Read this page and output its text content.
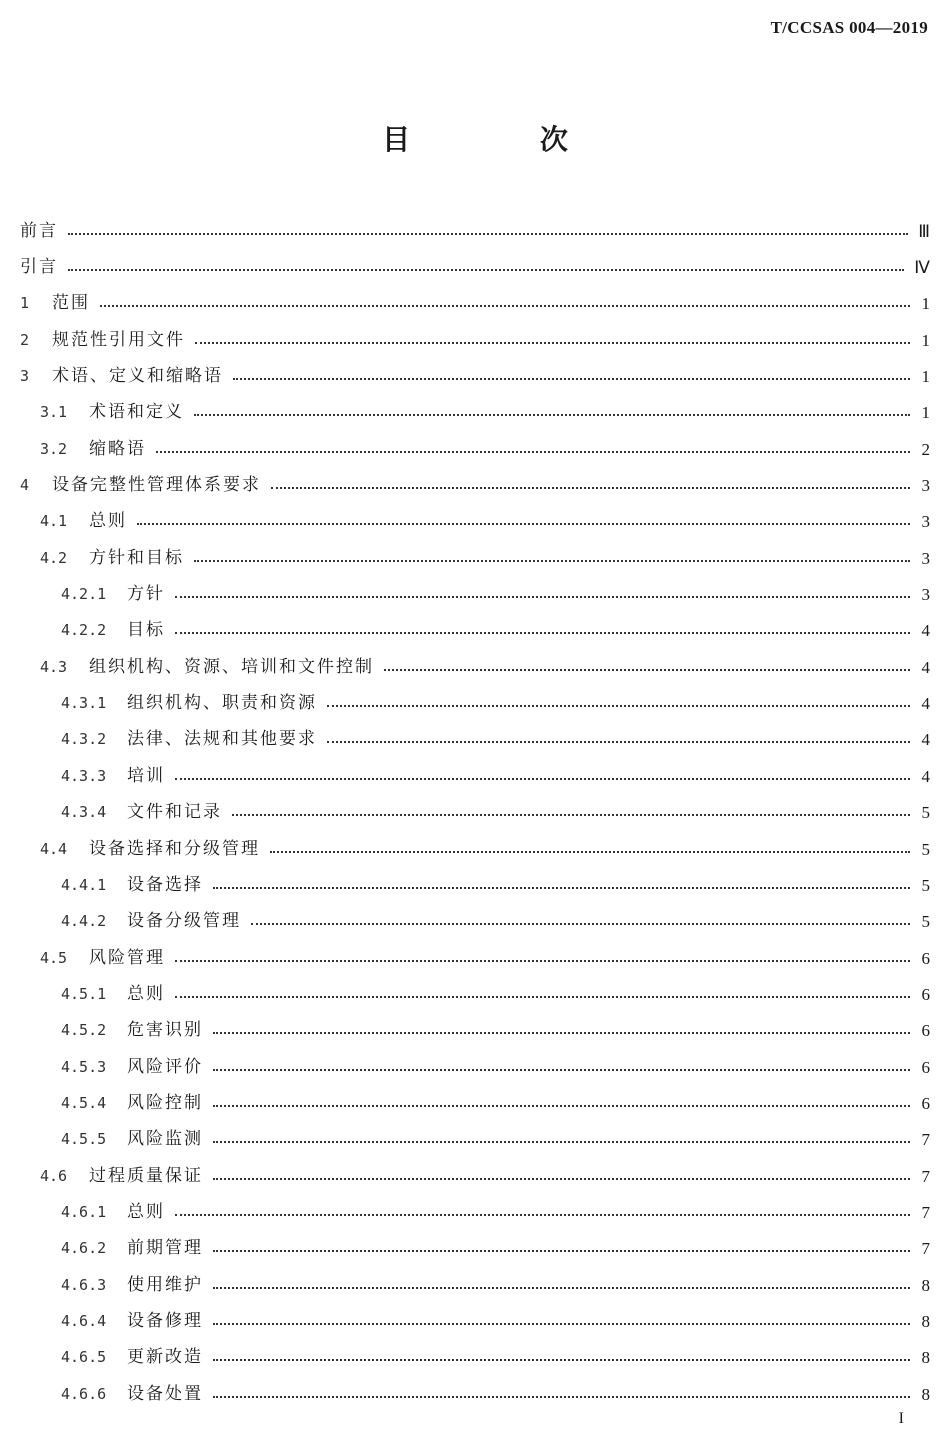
T/CCSAS 004—2019
目 次
前言	Ⅲ
引言	Ⅳ
1	范围	1
2	规范性引用文件	1
3	术语、定义和缩略语	1
3.1	术语和定义	1
3.2	缩略语	2
4	设备完整性管理体系要求	3
4.1	总则	3
4.2	方针和目标	3
4.2.1	方针	3
4.2.2	目标	4
4.3	组织机构、资源、培训和文件控制	4
4.3.1	组织机构、职责和资源	4
4.3.2	法律、法规和其他要求	4
4.3.3	培训	4
4.3.4	文件和记录	5
4.4	设备选择和分级管理	5
4.4.1	设备选择	5
4.4.2	设备分级管理	5
4.5	风险管理	6
4.5.1	总则	6
4.5.2	危害识别	6
4.5.3	风险评价	6
4.5.4	风险控制	6
4.5.5	风险监测	7
4.6	过程质量保证	7
4.6.1	总则	7
4.6.2	前期管理	7
4.6.3	使用维护	8
4.6.4	设备修理	8
4.6.5	更新改造	8
4.6.6	设备处置	8
I
